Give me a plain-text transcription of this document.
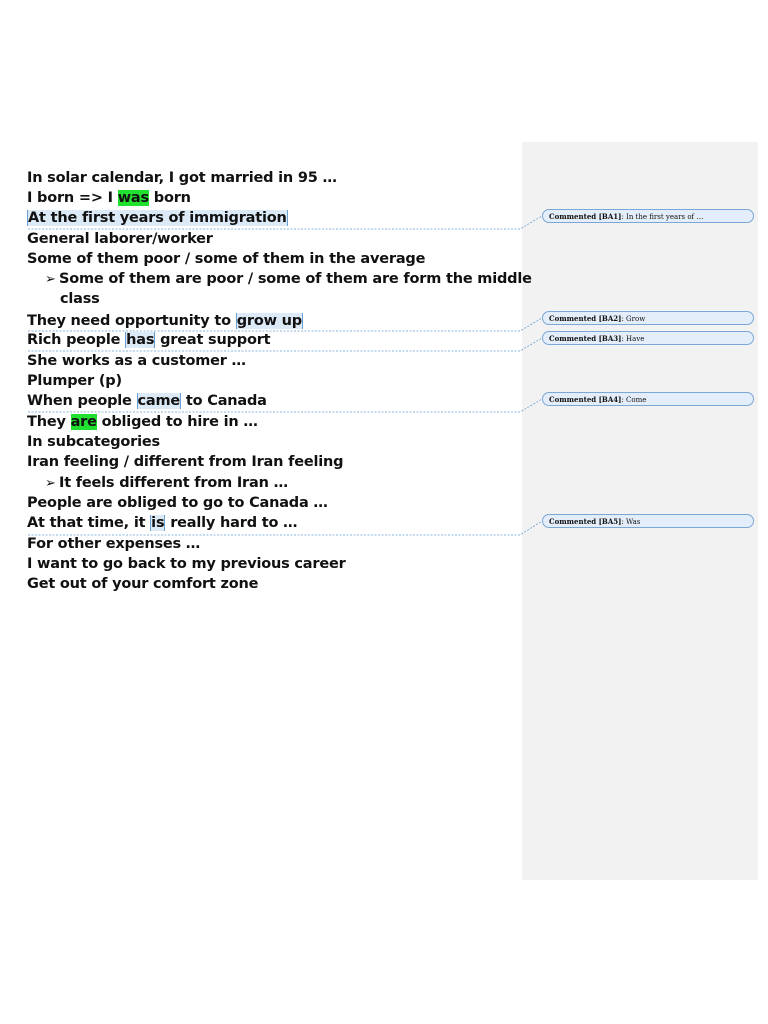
In solar calendar, I got married in 95 …
I born => I was born
At the first years of immigration
General laborer/worker
Some of them poor / some of them in the average
➢ Some of them are poor / some of them are form the middle
class
They need opportunity to grow up
Rich people has great support
She works as a customer …
Plumper (p)
When people came to Canada
They are obliged to hire in …
In subcategories
Iran feeling / different from Iran feeling
➢ It feels different from Iran …
People are obliged to go to Canada …
At that time, it is really hard to …
For other expenses …
I want to go back to my previous career
Get out of your comfort zone
Commented [BA1]: In the first years of …
Commented [BA2]: Grow
Commented [BA3]: Have
Commented [BA4]: Come
Commented [BA5]: Was
